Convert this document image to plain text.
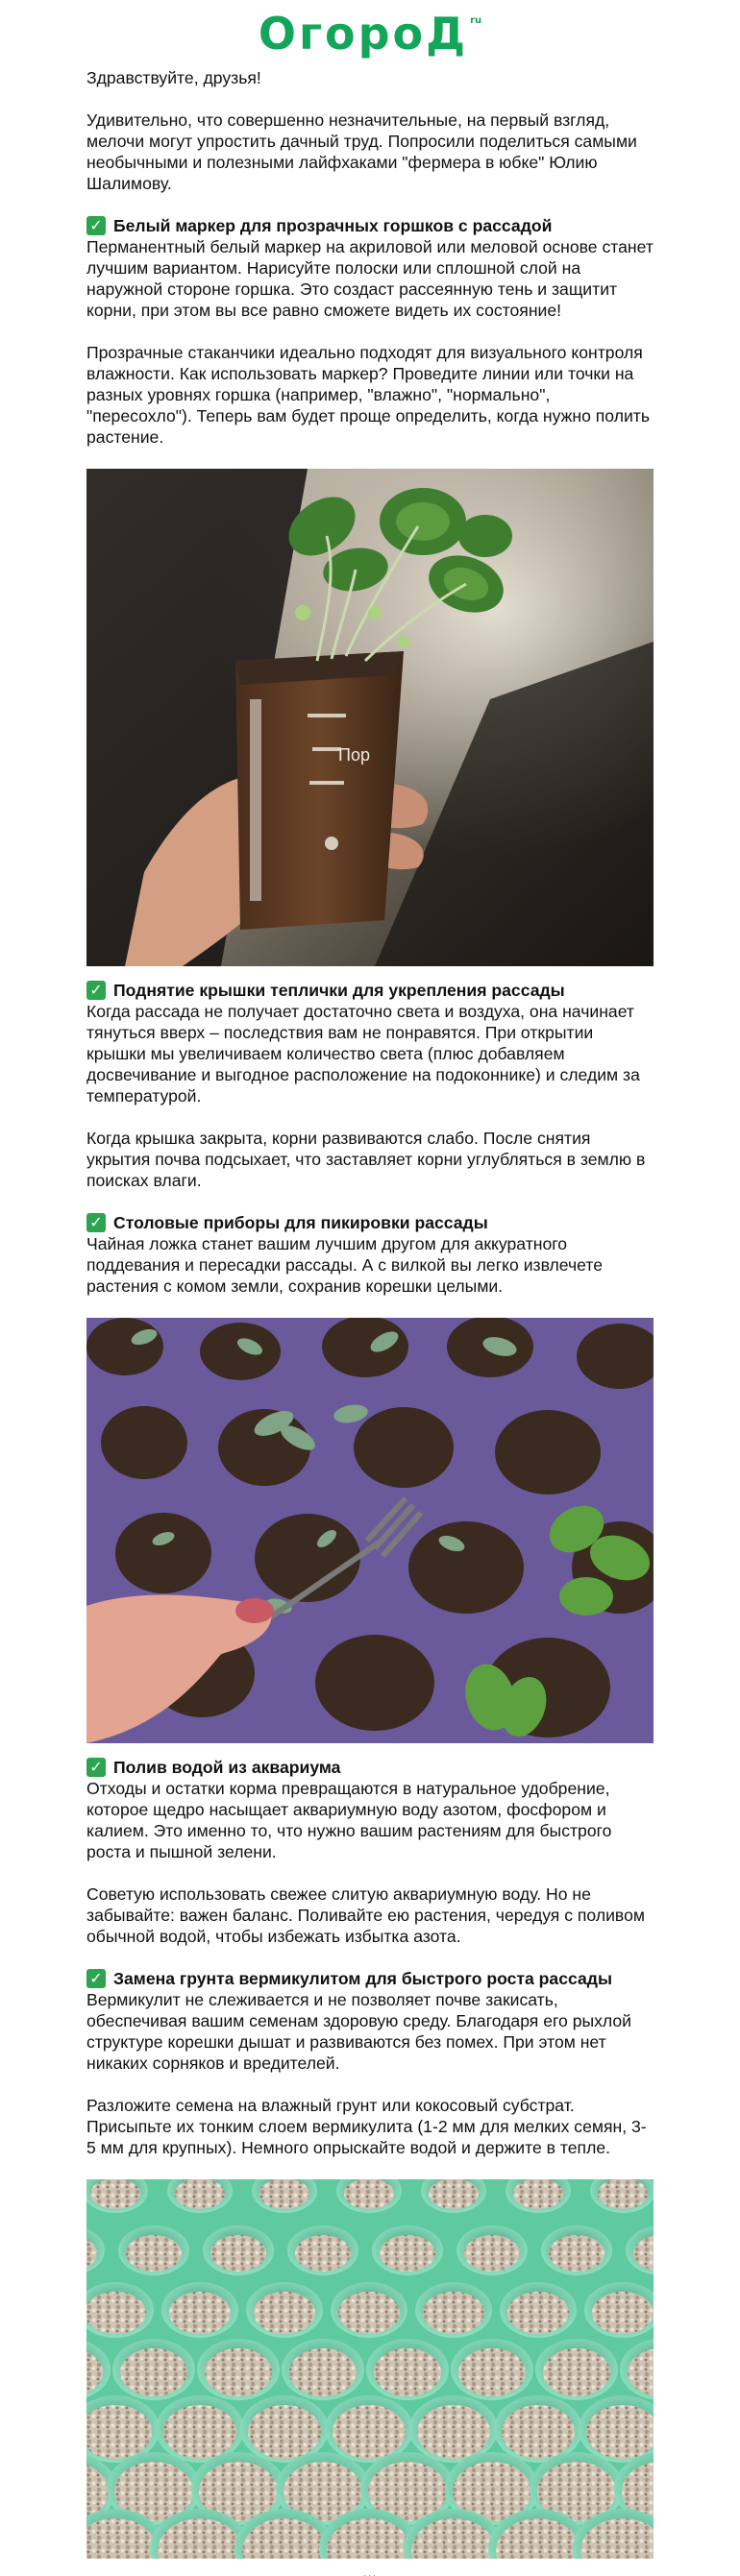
ОгороД $^{ru}$
Здравствуйте, друзья!
Удивительно, что совершенно незначительные, на первый взгляд, мелочи могут упростить дачный труд. Попросили поделиться самыми необычными и полезными лайфхаками "фермера в юбке" Юлию Шалимову.
✓ Белый маркер для прозрачных горшков с рассадой
Перманентный белый маркер на акриловой или меловой основе станет лучшим вариантом. Нарисуйте полоски или сплошной слой на наружной стороне горшка. Это создаст рассеянную тень и защитит корни, при этом вы все равно сможете видеть их состояние!
Прозрачные стаканчики идеально подходят для визуального контроля влажности. Как использовать маркер? Проведите линии или точки на разных уровнях горшка (например, "влажно", "нормально", "пересохло"). Теперь вам будет проще определить, когда нужно полить растение.
Пор
✓ Поднятие крышки теплички для укрепления рассады
Когда рассада не получает достаточно света и воздуха, она начинает тянуться вверх – последствия вам не понравятся. При открытии крышки мы увеличиваем количество света (плюс добавляем досвечивание и выгодное расположение на подоконнике) и следим за температурой.
Когда крышка закрыта, корни развиваются слабо. После снятия укрытия почва подсыхает, что заставляет корни углубляться в землю в поисках влаги.
✓ Столовые приборы для пикировки рассады
Чайная ложка станет вашим лучшим другом для аккуратного поддевания и пересадки рассады. А с вилкой вы легко извлечете растения с комом земли, сохранив корешки целыми.
✓ Полив водой из аквариума
Отходы и остатки корма превращаются в натуральное удобрение, которое щедро насыщает аквариумную воду азотом, фосфором и калием. Это именно то, что нужно вашим растениям для быстрого роста и пышной зелени.
Советую использовать свежее слитую аквариумную воду. Но не забывайте: важен баланс. Поливайте ею растения, чередуя с поливом обычной водой, чтобы избежать избытка азота.
✓ Замена грунта вермикулитом для быстрого роста рассады
Вермикулит не слеживается и не позволяет почве закисать, обеспечивая вашим семенам здоровую среду. Благодаря его рыхлой структуре корешки дышат и развиваются без помех. При этом нет никаких сорняков и вредителей.
Разложите семена на влажный грунт или кокосовый субстрат. Присыпьте их тонким слоем вермикулита (1-2 мм для мелких семян, 3-5 мм для крупных). Немного опрыскайте водой и держите в тепле.
...
